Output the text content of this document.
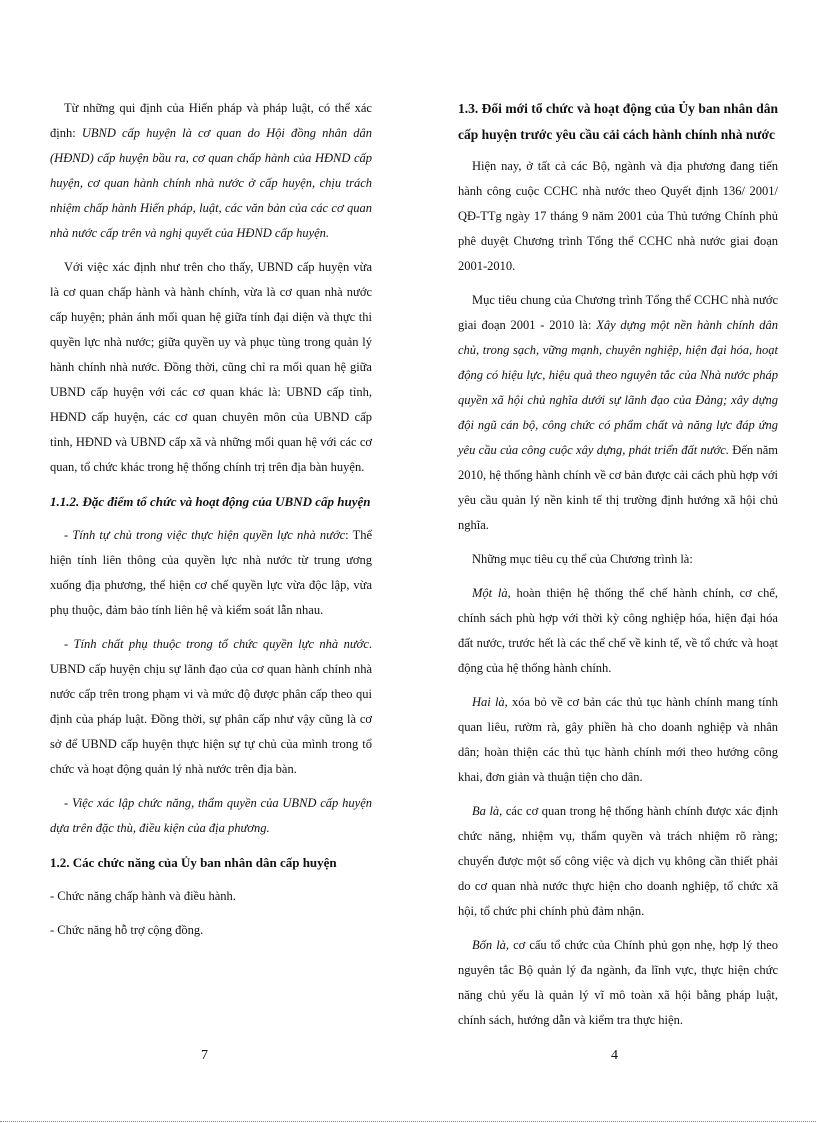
Từ những qui định của Hiến pháp và pháp luật, có thể xác định: UBND cấp huyện là cơ quan do Hội đồng nhân dân (HĐND) cấp huyện bầu ra, cơ quan chấp hành của HĐND cấp huyện, cơ quan hành chính nhà nước ở cấp huyện, chịu trách nhiệm chấp hành Hiến pháp, luật, các văn bản của các cơ quan nhà nước cấp trên và nghị quyết của HĐND cấp huyện.

Với việc xác định như trên cho thấy, UBND cấp huyện vừa là cơ quan chấp hành và hành chính, vừa là cơ quan nhà nước cấp huyện; phản ánh mối quan hệ giữa tính đại diện và thực thi quyền lực nhà nước; giữa quyền uy và phục tùng trong quản lý hành chính nhà nước. Đồng thời, cũng chỉ ra mối quan hệ giữa UBND cấp huyện với các cơ quan khác là: UBND cấp tỉnh, HĐND cấp huyện, các cơ quan chuyên môn của UBND cấp tỉnh, HĐND và UBND cấp xã và những mối quan hệ với các cơ quan, tổ chức khác trong hệ thống chính trị trên địa bàn huyện.

1.1.2. Đặc điểm tổ chức và hoạt động của UBND cấp huyện

- Tính tự chủ trong việc thực hiện quyền lực nhà nước: Thể hiện tính liên thông của quyền lực nhà nước từ trung ương xuống địa phương, thể hiện cơ chế quyền lực vừa độc lập, vừa phụ thuộc, đảm bảo tính liên hệ và kiểm soát lẫn nhau.

- Tính chất phụ thuộc trong tổ chức quyền lực nhà nước. UBND cấp huyện chịu sự lãnh đạo của cơ quan hành chính nhà nước cấp trên trong phạm vi và mức độ được phân cấp theo qui định của pháp luật. Đồng thời, sự phân cấp như vậy cũng là cơ sở để UBND cấp huyện thực hiện sự tự chủ của mình trong tổ chức và hoạt động quản lý nhà nước trên địa bàn.

- Việc xác lập chức năng, thẩm quyền của UBND cấp huyện dựa trên đặc thù, điều kiện của địa phương.

1.2. Các chức năng của Ủy ban nhân dân cấp huyện

- Chức năng chấp hành và điều hành.

- Chức năng hỗ trợ cộng đồng.

7
1.3. Đổi mới tổ chức và hoạt động của Ủy ban nhân dân cấp huyện trước yêu cầu cải cách hành chính nhà nước

Hiện nay, ở tất cả các Bộ, ngành và địa phương đang tiến hành công cuộc CCHC nhà nước theo Quyết định 136/ 2001/ QĐ-TTg ngày 17 tháng 9 năm 2001 của Thủ tướng Chính phủ phê duyệt Chương trình Tổng thể CCHC nhà nước giai đoạn 2001-2010.

Mục tiêu chung của Chương trình Tổng thể CCHC nhà nước giai đoạn 2001 - 2010 là: Xây dựng một nền hành chính dân chủ, trong sạch, vững mạnh, chuyên nghiệp, hiện đại hóa, hoạt động có hiệu lực, hiệu quả theo nguyên tắc của Nhà nước pháp quyền xã hội chủ nghĩa dưới sự lãnh đạo của Đảng; xây dựng đội ngũ cán bộ, công chức có phẩm chất và năng lực đáp ứng yêu cầu của công cuộc xây dựng, phát triển đất nước. Đến năm 2010, hệ thống hành chính về cơ bản được cải cách phù hợp với yêu cầu quản lý nền kinh tế thị trường định hướng xã hội chủ nghĩa.

Những mục tiêu cụ thể của Chương trình là:

Một là, hoàn thiện hệ thống thể chế hành chính, cơ chế, chính sách phù hợp với thời kỳ công nghiệp hóa, hiện đại hóa đất nước, trước hết là các thể chế về kinh tế, về tổ chức và hoạt động của hệ thống hành chính.

Hai là, xóa bỏ về cơ bản các thủ tục hành chính mang tính quan liêu, rườm rà, gây phiền hà cho doanh nghiệp và nhân dân; hoàn thiện các thủ tục hành chính mới theo hướng công khai, đơn giản và thuận tiện cho dân.

Ba là, các cơ quan trong hệ thống hành chính được xác định chức năng, nhiệm vụ, thẩm quyền và trách nhiệm rõ ràng; chuyển được một số công việc và dịch vụ không cần thiết phải do cơ quan nhà nước thực hiện cho doanh nghiệp, tổ chức xã hội, tổ chức phi chính phủ đảm nhận.

Bốn là, cơ cấu tổ chức của Chính phủ gọn nhẹ, hợp lý theo nguyên tắc Bộ quản lý đa ngành, đa lĩnh vực, thực hiện chức năng chủ yếu là quản lý vĩ mô toàn xã hội bằng pháp luật, chính sách, hướng dẫn và kiểm tra thực hiện.

4
